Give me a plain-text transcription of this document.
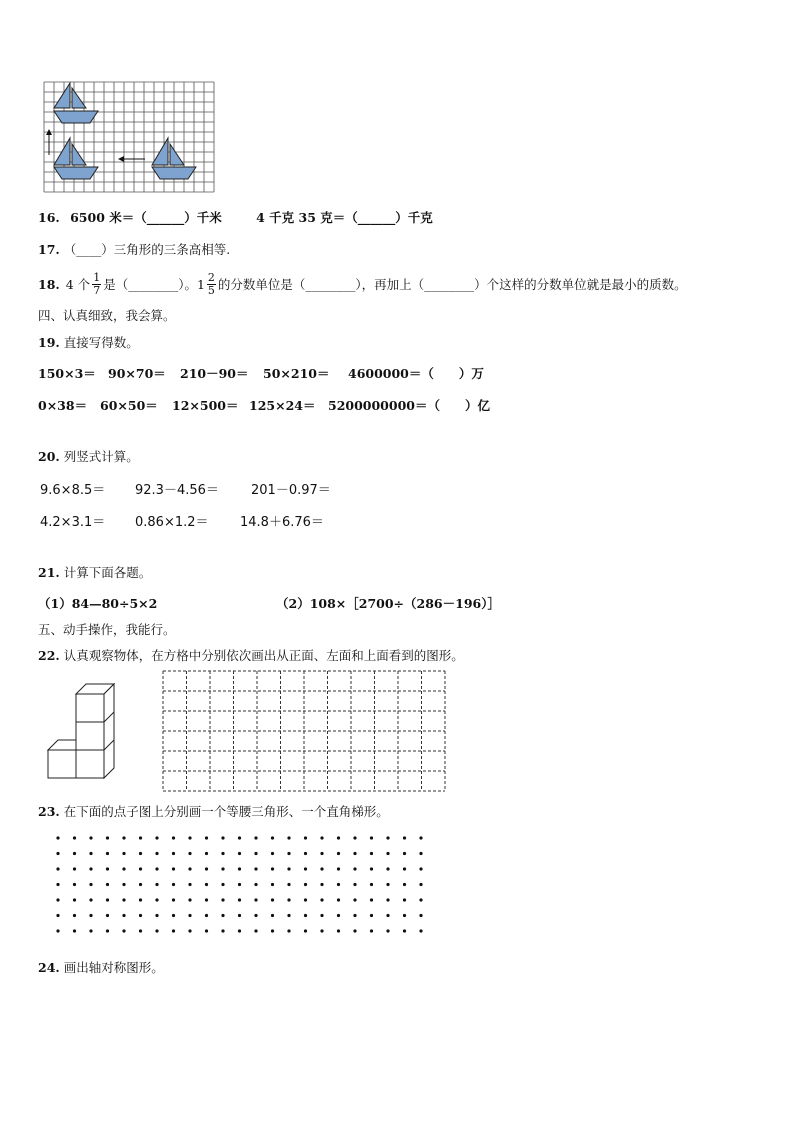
16. 6500 米＝（______）千米	4 千克 35 克＝（______）千克
17. （____）三角形的三条高相等.
18. 4 个 $\frac{1}{7}$ 是（________）。$1 \frac{2}{5}$ 的分数单位是（________），再加上（________）个这样的分数单位就是最小的质数。
四、认真细致，我会算。
19. 直接写得数。
150×3＝ 90×70＝ 210－90＝ 50×210＝ 4600000＝（　　）万
0×38＝ 60×50＝ 12×500＝ 125×24＝ 5200000000＝（　　）亿
20. 列竖式计算。
9.6×8.5＝ 92.3－4.56＝ 201－0.97＝
4.2×3.1＝ 0.86×1.2＝ 14.8＋6.76＝
21. 计算下面各题。
（1）84—80÷5×2	（2）108×［2700÷（286－196）］
五、动手操作，我能行。
22. 认真观察物体，在方格中分别依次画出从正面、左面和上面看到的图形。
23. 在下面的点子图上分别画一个等腰三角形、一个直角梯形。
24. 画出轴对称图形。
